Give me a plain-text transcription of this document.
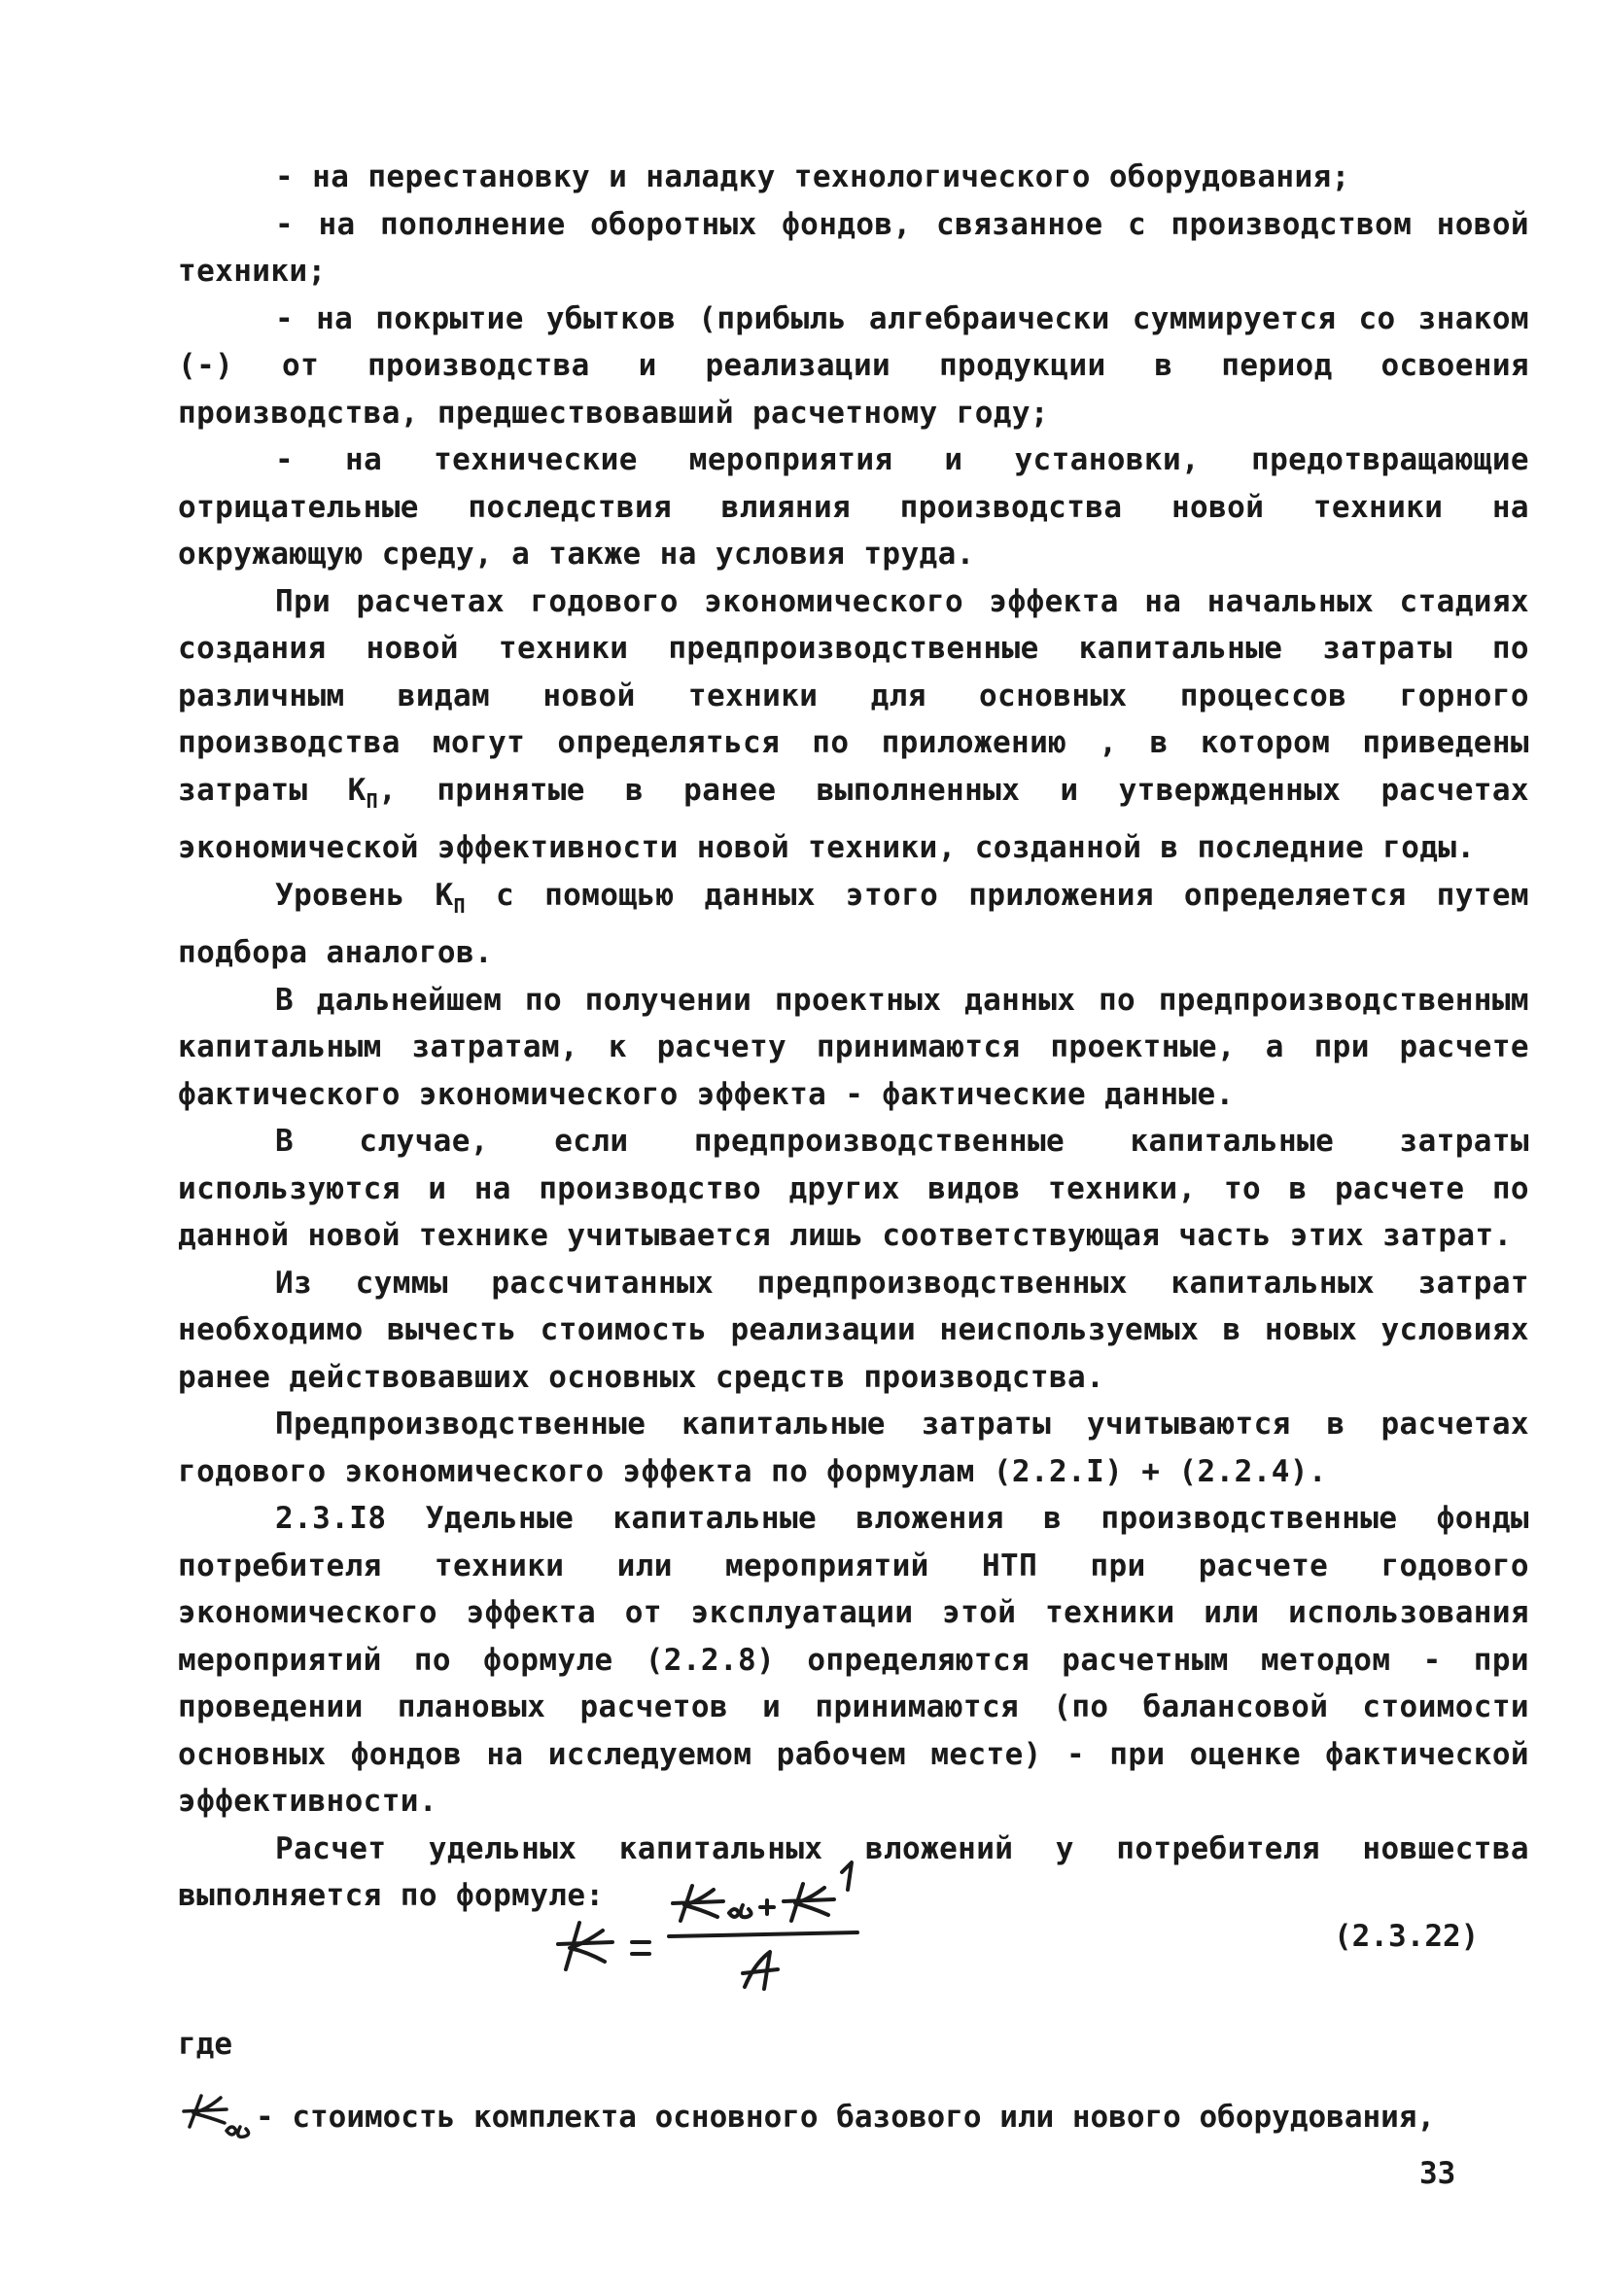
- на перестановку и наладку технологического оборудования;

- на пополнение оборотных фондов, связанное с производством новой техники;

- на покрытие убытков (прибыль алгебраически суммируется со знаком (-) от производства и реализации продукции в период освоения производства, предшествовавший расчетному году;

- на технические мероприятия и установки, предотвращающие отрицательные последствия влияния производства новой техники на окружающую среду, а также на условия труда.

При расчетах годового экономического эффекта на начальных стадиях создания новой техники предпроизводственные капитальные затраты по различным видам новой техники для основных процессов горного производства могут определяться по приложению , в котором приведены затраты $К_П$, принятые в ранее выполненных и утвержденных расчетах экономической эффективности новой техники, созданной в последние годы.

Уровень $К_П$ с помощью данных этого приложения определяется путем подбора аналогов.

В дальнейшем по получении проектных данных по предпроизводственным капитальным затратам, к расчету принимаются проектные, а при расчете фактического экономического эффекта - фактические данные.

В случае, если предпроизводственные капитальные затраты используются и на производство других видов техники, то в расчете по данной новой технике учитывается лишь соответствующая часть этих затрат.

Из суммы рассчитанных предпроизводственных капитальных затрат необходимо вычесть стоимость реализации неиспользуемых в новых условиях ранее действовавших основных средств производства.

Предпроизводственные капитальные затраты учитываются в расчетах годового экономического эффекта по формулам (2.2.I) + (2.2.4).

2.3.I8 Удельные капитальные вложения в производственные фонды потребителя техники или мероприятий НТП при расчете годового экономического эффекта от эксплуатации этой техники или использования мероприятий по формуле (2.2.8) определяются расчетным методом - при проведении плановых расчетов и принимаются (по балансовой стоимости основных фондов на исследуемом рабочем месте) - при оценке фактической эффективности.

Расчет удельных капитальных вложений у потребителя новшества выполняется по формуле:

(2.3.22)
где
- стоимость комплекта основного базового или нового оборудования,
33
